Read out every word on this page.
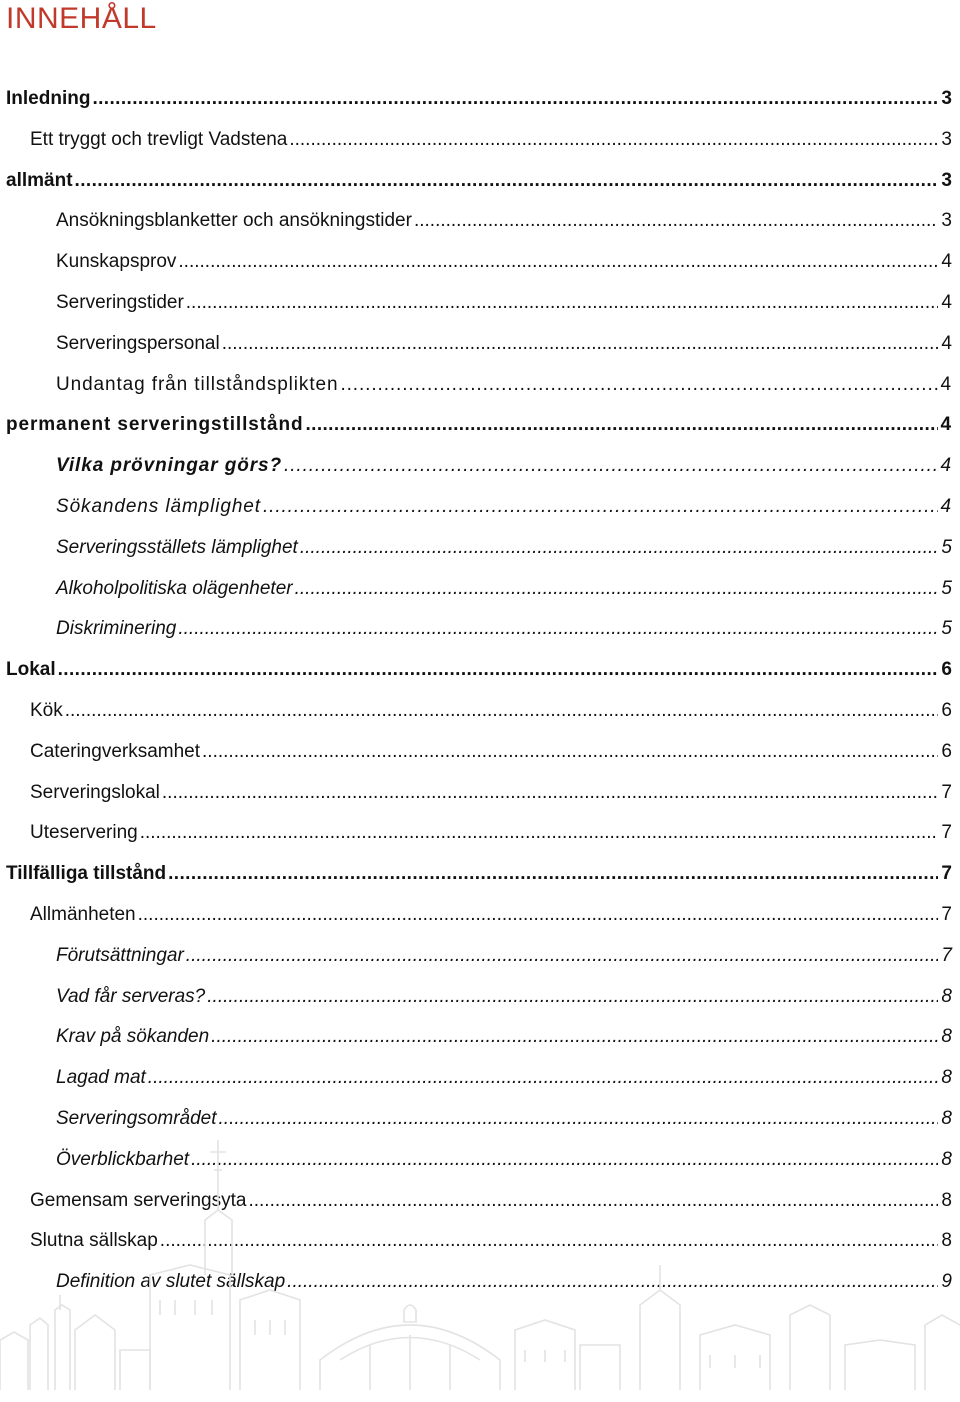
INNEHÅLL
Inledning .....	3
Ett tryggt och trevligt Vadstena .....	3
allmänt .....	3
Ansökningsblanketter och ansökningstider .....	3
Kunskapsprov .....	4
Serveringstider .....	4
Serveringspersonal .....	4
Undantag från tillståndsplikten .....	4
permanent serveringstillstånd .....	4
Vilka prövningar görs? .....	4
Sökandens lämplighet .....	4
Serveringsställets lämplighet .....	5
Alkoholpolitiska olägenheter .....	5
Diskriminering .....	5
Lokal .....	6
Kök .....	6
Cateringverksamhet .....	6
Serveringslokal .....	7
Uteservering .....	7
Tillfälliga tillstånd .....	7
Allmänheten .....	7
Förutsättningar .....	7
Vad får serveras? .....	8
Krav på sökanden .....	8
Lagad mat .....	8
Serveringsområdet .....	8
Överblickbarhet .....	8
Gemensam serveringsyta .....	8
Slutna sällskap .....	8
Definition av slutet sällskap .....	9
